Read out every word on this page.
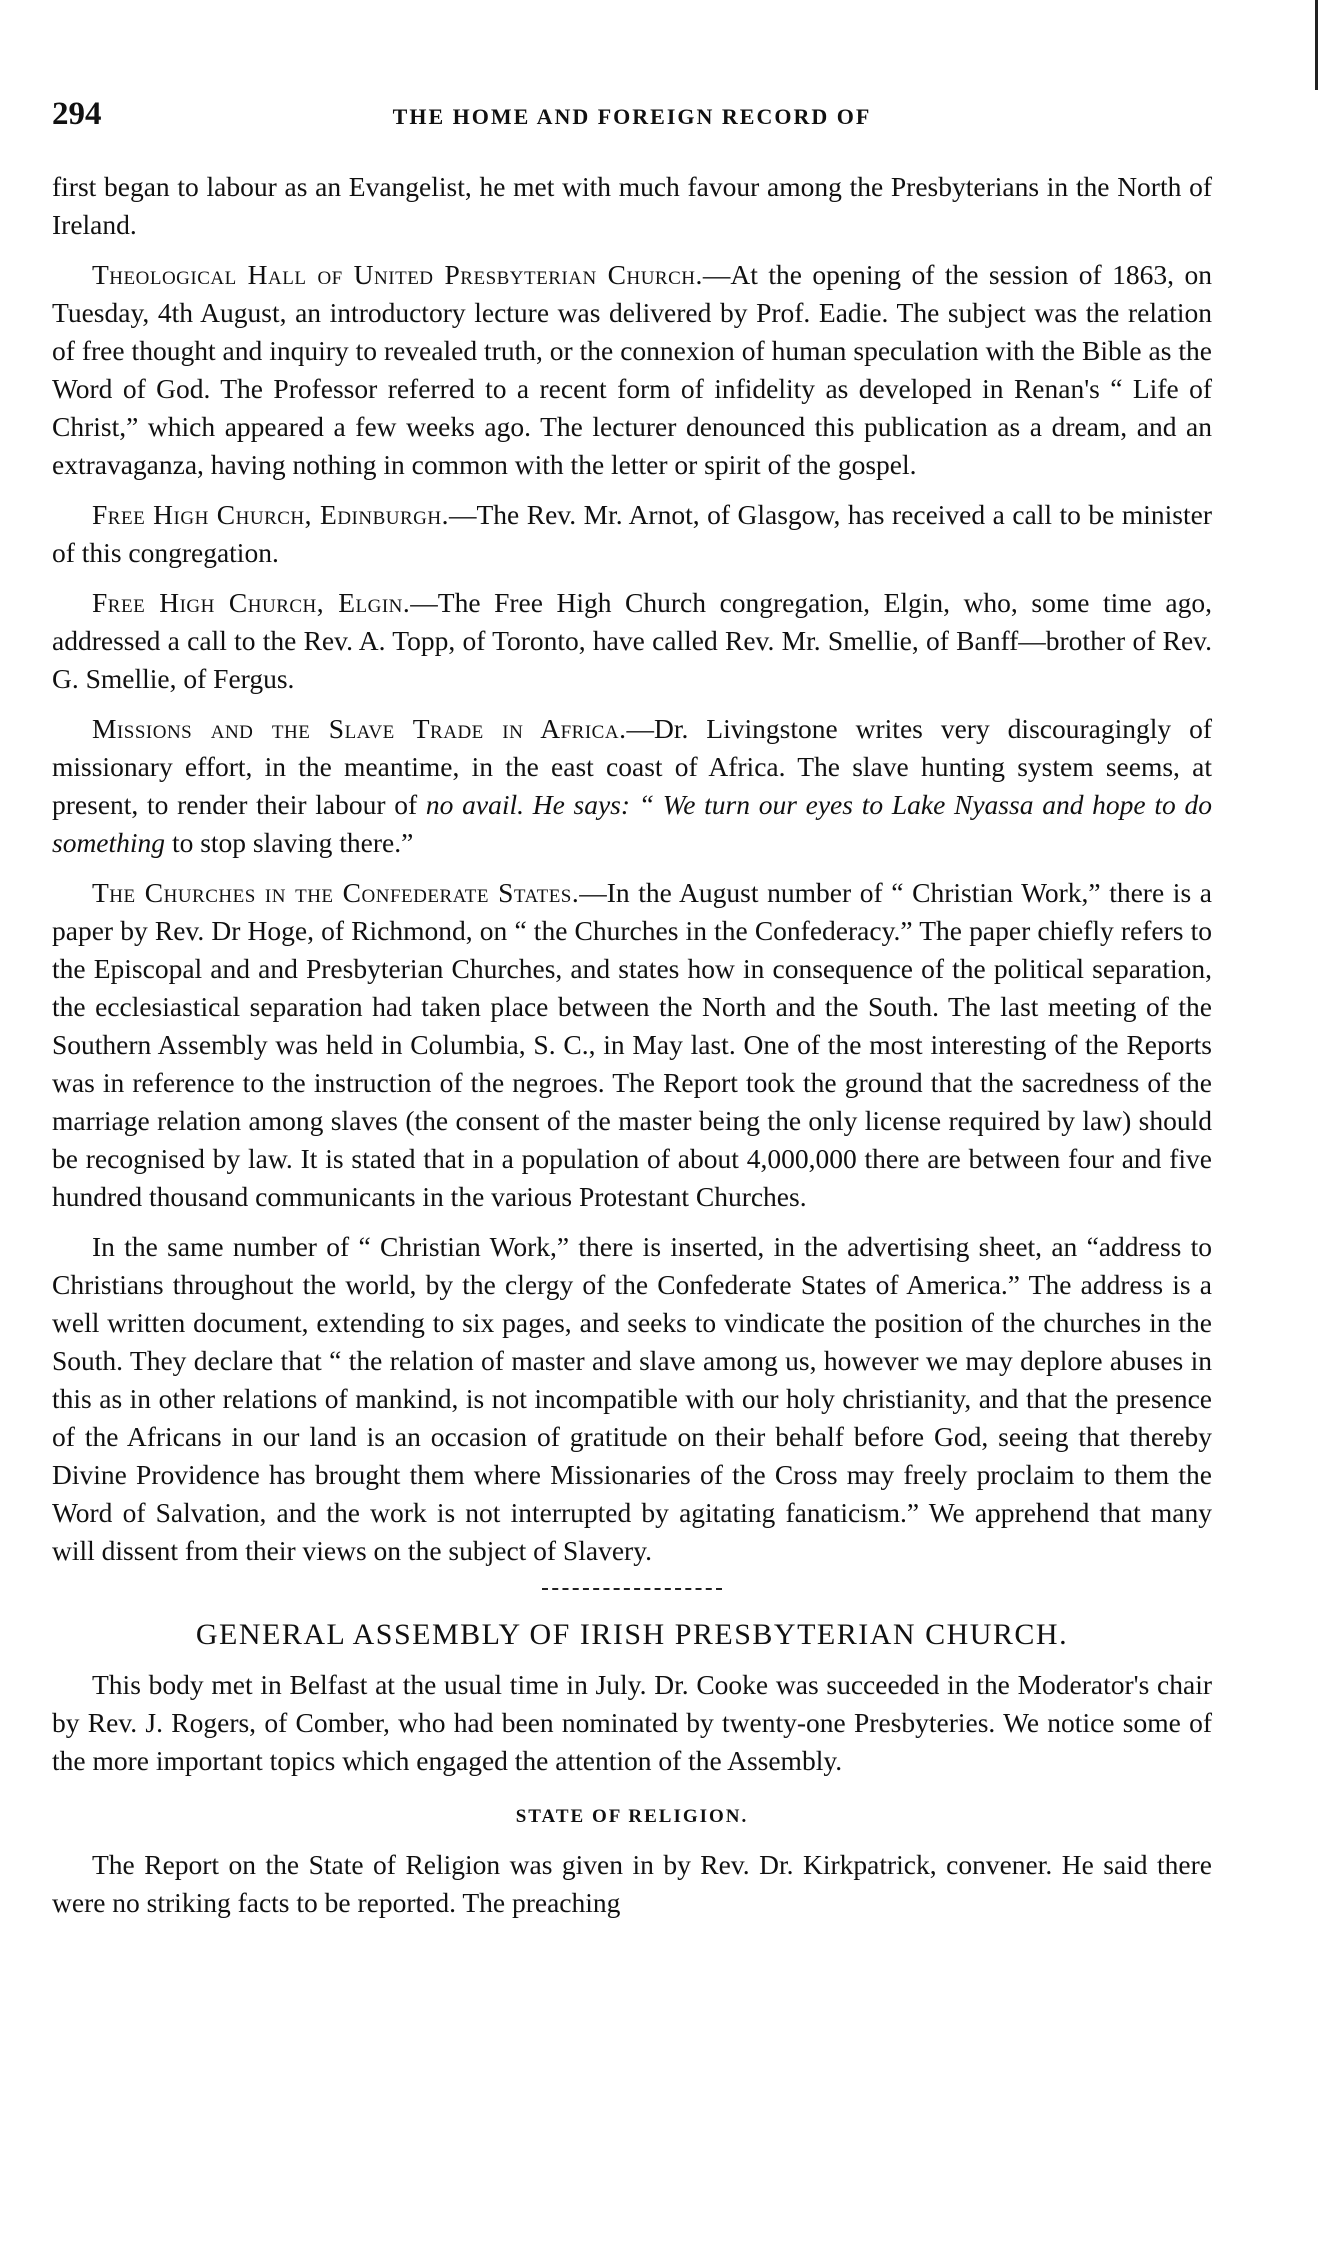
294	THE HOME AND FOREIGN RECORD OF

first began to labour as an Evangelist, he met with much favour among the Presbyterians in the North of Ireland.

Theological Hall of United Presbyterian Church.—At the opening of the session of 1863, on Tuesday, 4th August, an introductory lecture was delivered by Prof. Eadie. The subject was the relation of free thought and inquiry to revealed truth, or the connexion of human speculation with the Bible as the Word of God. The Professor referred to a recent form of infidelity as developed in Renan's “ Life of Christ,” which appeared a few weeks ago. The lecturer denounced this publication as a dream, and an extravaganza, having nothing in common with the letter or spirit of the gospel.

Free High Church, Edinburgh.—The Rev. Mr. Arnot, of Glasgow, has received a call to be minister of this congregation.

Free High Church, Elgin.—The Free High Church congregation, Elgin, who, some time ago, addressed a call to the Rev. A. Topp, of Toronto, have called Rev. Mr. Smellie, of Banff—brother of Rev. G. Smellie, of Fergus.

Missions and the Slave Trade in Africa.—Dr. Livingstone writes very discouragingly of missionary effort, in the meantime, in the east coast of Africa. The slave hunting system seems, at present, to render their labour of no avail. He says: “ We turn our eyes to Lake Nyassa and hope to do something to stop slaving there.”

The Churches in the Confederate States.—In the August number of “ Christian Work,” there is a paper by Rev. Dr Hoge, of Richmond, on “ the Churches in the Confederacy.” The paper chiefly refers to the Episcopal and and Presbyterian Churches, and states how in consequence of the political separation, the ecclesiastical separation had taken place between the North and the South. The last meeting of the Southern Assembly was held in Columbia, S. C., in May last. One of the most interesting of the Reports was in reference to the instruction of the negroes. The Report took the ground that the sacredness of the marriage relation among slaves (the consent of the master being the only license required by law) should be recognised by law. It is stated that in a population of about 4,000,000 there are between four and five hundred thousand communicants in the various Protestant Churches.

In the same number of “ Christian Work,” there is inserted, in the advertising sheet, an “address to Christians throughout the world, by the clergy of the Confederate States of America.” The address is a well written document, extending to six pages, and seeks to vindicate the position of the churches in the South. They declare that “ the relation of master and slave among us, however we may deplore abuses in this as in other relations of mankind, is not incompatible with our holy christianity, and that the presence of the Africans in our land is an occasion of gratitude on their behalf before God, seeing that thereby Divine Providence has brought them where Missionaries of the Cross may freely proclaim to them the Word of Salvation, and the work is not interrupted by agitating fanaticism.” We apprehend that many will dissent from their views on the subject of Slavery.

GENERAL ASSEMBLY OF IRISH PRESBYTERIAN CHURCH.

This body met in Belfast at the usual time in July. Dr. Cooke was succeeded in the Moderator's chair by Rev. J. Rogers, of Comber, who had been nominated by twenty-one Presbyteries. We notice some of the more important topics which engaged the attention of the Assembly.

STATE OF RELIGION.

The Report on the State of Religion was given in by Rev. Dr. Kirkpatrick, convener. He said there were no striking facts to be reported. The preaching
